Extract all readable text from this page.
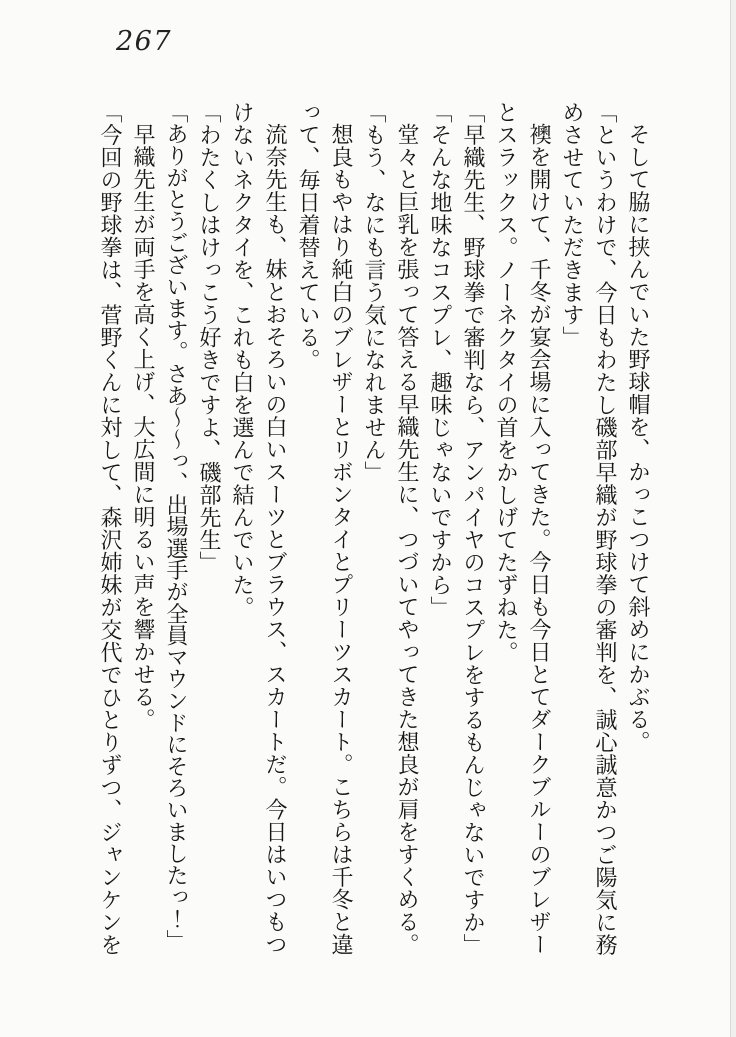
267

そして脇に挟んでいた野球帽を、かっこつけて斜めにかぶる。

「というわけで、今日もわたし磯部早織が野球拳の審判を、誠心誠意かつご陽気に務めさせていただきます」

襖を開けて、千冬が宴会場に入ってきた。今日も今日とてダークブルーのブレザーとスラックス。ノーネクタイの首をかしげてたずねた。

「早織先生、野球拳で審判なら、アンパイヤのコスプレをするもんじゃないですか」

「そんな地味なコスプレ、趣味じゃないですから」

堂々と巨乳を張って答える早織先生に、つづいてやってきた想良が肩をすくめる。

「もう、なにも言う気になれません」

想良もやはり純白のブレザーとリボンタイとプリーツスカート。こちらは千冬と違って、毎日着替えている。

流奈先生も、妹とおそろいの白いスーツとブラウス、スカートだ。今日はいつもつけないネクタイを、これも白を選んで結んでいた。

「わたくしはけっこう好きですよ、磯部先生」

「ありがとうございます。さあ～～っ、出場選手が全員マウンドにそろいましたっ！」

早織先生が両手を高く上げ、大広間に明るい声を響かせる。

「今回の野球拳は、菅野くんに対して、森沢姉妹が交代でひとりずつ、ジャンケンを
